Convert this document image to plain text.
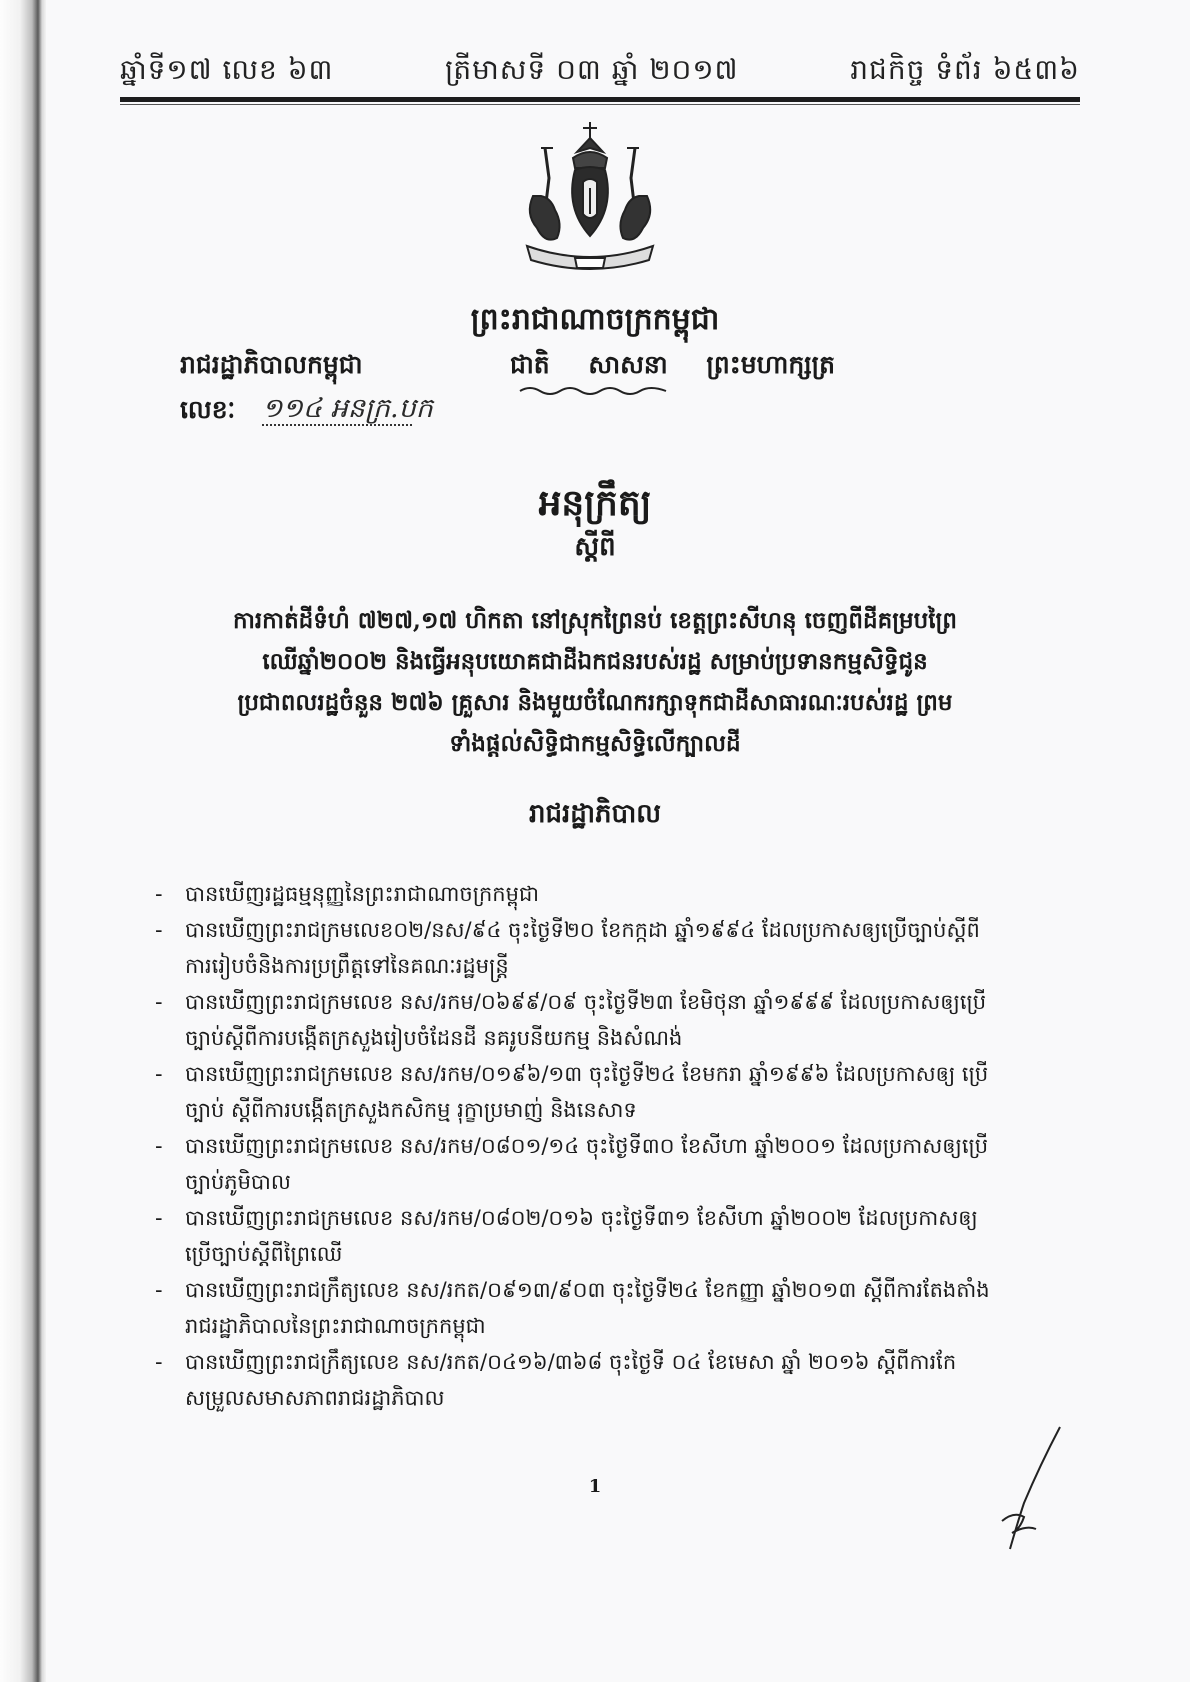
ឆ្នាំទី១៧ លេខ ៦៣	ត្រីមាសទី ០៣ ឆ្នាំ ២០១៧	រាជកិច្ច ទំព័រ ៦៥៣៦
ព្រះរាជាណាចក្រកម្ពុជា
រាជរដ្ឋាភិបាលកម្ពុជា	ជាតិ សាសនា ព្រះមហាក្សត្រ
លេខៈ ១១៤ អនក្រ.បក
អនុក្រឹត្យ
ស្តីពី
ការកាត់ដីទំហំ ៧២៧,១៧ ហិកតា នៅស្រុកព្រៃនប់ ខេត្តព្រះសីហនុ ចេញពីដីគម្របព្រៃ
ឈើឆ្នាំ២០០២ និងធ្វើអនុបយោគជាដីឯកជនរបស់រដ្ឋ សម្រាប់ប្រទានកម្មសិទ្ធិជូន
ប្រជាពលរដ្ឋចំនួន ២៧៦ គ្រួសារ និងមួយចំណែករក្សាទុកជាដីសាធារណៈរបស់រដ្ឋ ព្រម
ទាំងផ្តល់សិទ្ធិជាកម្មសិទ្ធិលើក្បាលដី
រាជរដ្ឋាភិបាល
- បានឃើញរដ្ឋធម្មនុញ្ញនៃព្រះរាជាណាចក្រកម្ពុជា
- បានឃើញព្រះរាជក្រមលេខ០២/នស/៩៤ ចុះថ្ងៃទី២០ ខែកក្កដា ឆ្នាំ១៩៩៤ ដែលប្រកាសឲ្យប្រើច្បាប់ស្តីពី
ការរៀបចំនិងការប្រព្រឹត្តទៅនៃគណៈរដ្ឋមន្ត្រី
- បានឃើញព្រះរាជក្រមលេខ នស/រកម/០៦៩៩/០៩ ចុះថ្ងៃទី២៣ ខែមិថុនា ឆ្នាំ១៩៩៩ ដែលប្រកាសឲ្យប្រើ
ច្បាប់ស្តីពីការបង្កើតក្រសួងរៀបចំដែនដី នគរូបនីយកម្ម និងសំណង់
- បានឃើញព្រះរាជក្រមលេខ នស/រកម/០១៩៦/១៣ ចុះថ្ងៃទី២៤ ខែមករា ឆ្នាំ១៩៩៦ ដែលប្រកាសឲ្យ ប្រើ
ច្បាប់ ស្តីពីការបង្កើតក្រសួងកសិកម្ម រុក្ខាប្រមាញ់ និងនេសាទ
- បានឃើញព្រះរាជក្រមលេខ នស/រកម/០៨០១/១៤ ចុះថ្ងៃទី៣០ ខែសីហា ឆ្នាំ២០០១ ដែលប្រកាសឲ្យប្រើ
ច្បាប់ភូមិបាល
- បានឃើញព្រះរាជក្រមលេខ នស/រកម/០៨០២/០១៦ ចុះថ្ងៃទី៣១ ខែសីហា ឆ្នាំ២០០២ ដែលប្រកាសឲ្យ
ប្រើច្បាប់ស្តីពីព្រៃឈើ
- បានឃើញព្រះរាជក្រឹត្យលេខ នស/រកត/០៩១៣/៩០៣ ចុះថ្ងៃទី២៤ ខែកញ្ញា ឆ្នាំ២០១៣ ស្តីពីការតែងតាំង
រាជរដ្ឋាភិបាលនៃព្រះរាជាណាចក្រកម្ពុជា
- បានឃើញព្រះរាជក្រឹត្យលេខ នស/រកត/០៤១៦/៣៦៨ ចុះថ្ងៃទី ០៤ ខែមេសា ឆ្នាំ ២០១៦ ស្តីពីការកែ
សម្រួលសមាសភាពរាជរដ្ឋាភិបាល
1
